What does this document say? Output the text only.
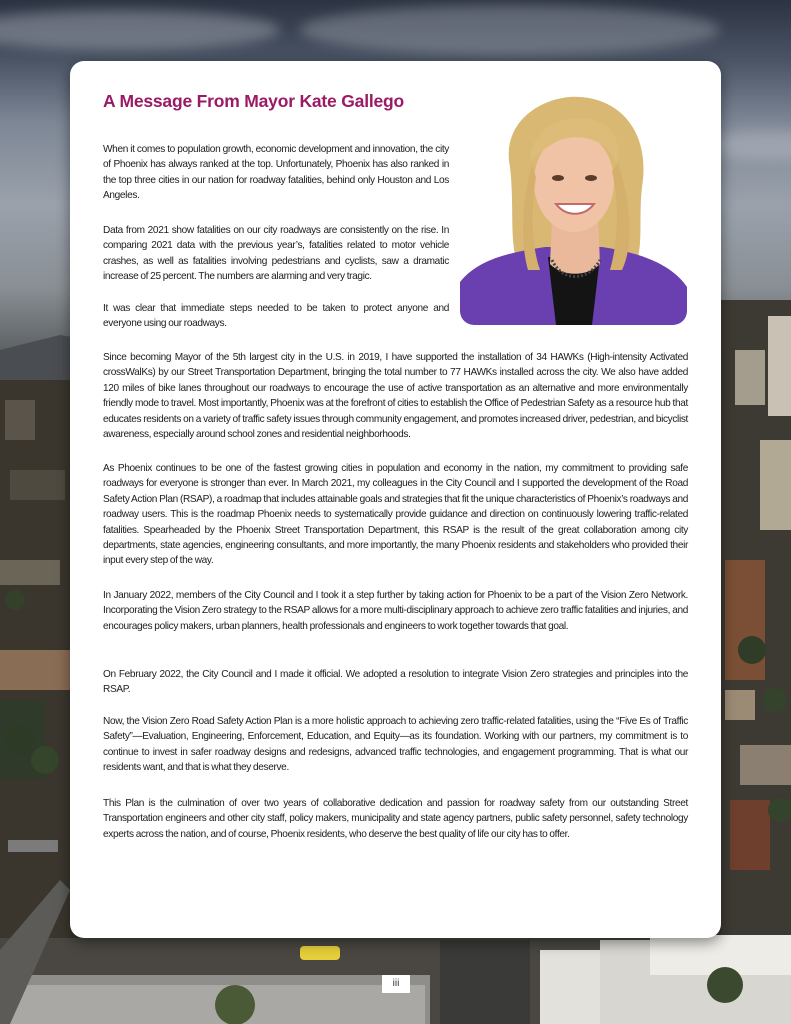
A Message From Mayor Kate Gallego

When it comes to population growth, economic development and innovation, the city of Phoenix has always ranked at the top. Unfortunately, Phoenix has also ranked in the top three cities in our nation for roadway fatalities, behind only Houston and Los Angeles.

Data from 2021 show fatalities on our city roadways are consistently on the rise. In comparing 2021 data with the previous year’s, fatalities related to motor vehicle crashes, as well as fatalities involving pedestrians and cyclists, saw a dramatic increase of 25 percent. The numbers are alarming and very tragic.

It was clear that immediate steps needed to be taken to protect anyone and everyone using our roadways.

Since becoming Mayor of the 5th largest city in the U.S. in 2019, I have supported the installation of 34 HAWKs (High-intensity Activated crossWalKs) by our Street Transportation Department, bringing the total number to 77 HAWKs installed across the city. We also have added 120 miles of bike lanes throughout our roadways to encourage the use of active transportation as an alternative and more environmentally friendly mode to travel. Most importantly, Phoenix was at the forefront of cities to establish the Office of Pedestrian Safety as a resource hub that educates residents on a variety of traffic safety issues through community engagement, and promotes increased driver, pedestrian, and bicyclist awareness, especially around school zones and residential neighborhoods.

As Phoenix continues to be one of the fastest growing cities in population and economy in the nation, my commitment to providing safe roadways for everyone is stronger than ever. In March 2021, my colleagues in the City Council and I supported the development of the Road Safety Action Plan (RSAP), a roadmap that includes attainable goals and strategies that fit the unique characteristics of Phoenix’s roadways and roadway users. This is the roadmap Phoenix needs to systematically provide guidance and direction on continuously lowering traffic-related fatalities. Spearheaded by the Phoenix Street Transportation Department, this RSAP is the result of the great collaboration among city departments, state agencies, engineering consultants, and more importantly, the many Phoenix residents and stakeholders who provided their input every step of the way.

In January 2022, members of the City Council and I took it a step further by taking action for Phoenix to be a part of the Vision Zero Network. Incorporating the Vision Zero strategy to the RSAP allows for a more multi-disciplinary approach to achieve zero traffic fatalities and injuries, and encourages policy makers, urban planners, health professionals and engineers to work together towards that goal.

On February 2022, the City Council and I made it official. We adopted a resolution to integrate Vision Zero strategies and principles into the RSAP.

Now, the Vision Zero Road Safety Action Plan is a more holistic approach to achieving zero traffic-related fatalities, using the “Five Es of Traffic Safety”—Evaluation, Engineering, Enforcement, Education, and Equity—as its foundation. Working with our partners, my commitment is to continue to invest in safer roadway designs and redesigns, advanced traffic technologies, and engagement programming. That is what our residents want, and that is what they deserve.

This Plan is the culmination of over two years of collaborative dedication and passion for roadway safety from our outstanding Street Transportation engineers and other city staff, policy makers, municipality and state agency partners, public safety personnel, safety technology experts across the nation, and of course, Phoenix residents, who deserve the best quality of life our city has to offer.

iii
